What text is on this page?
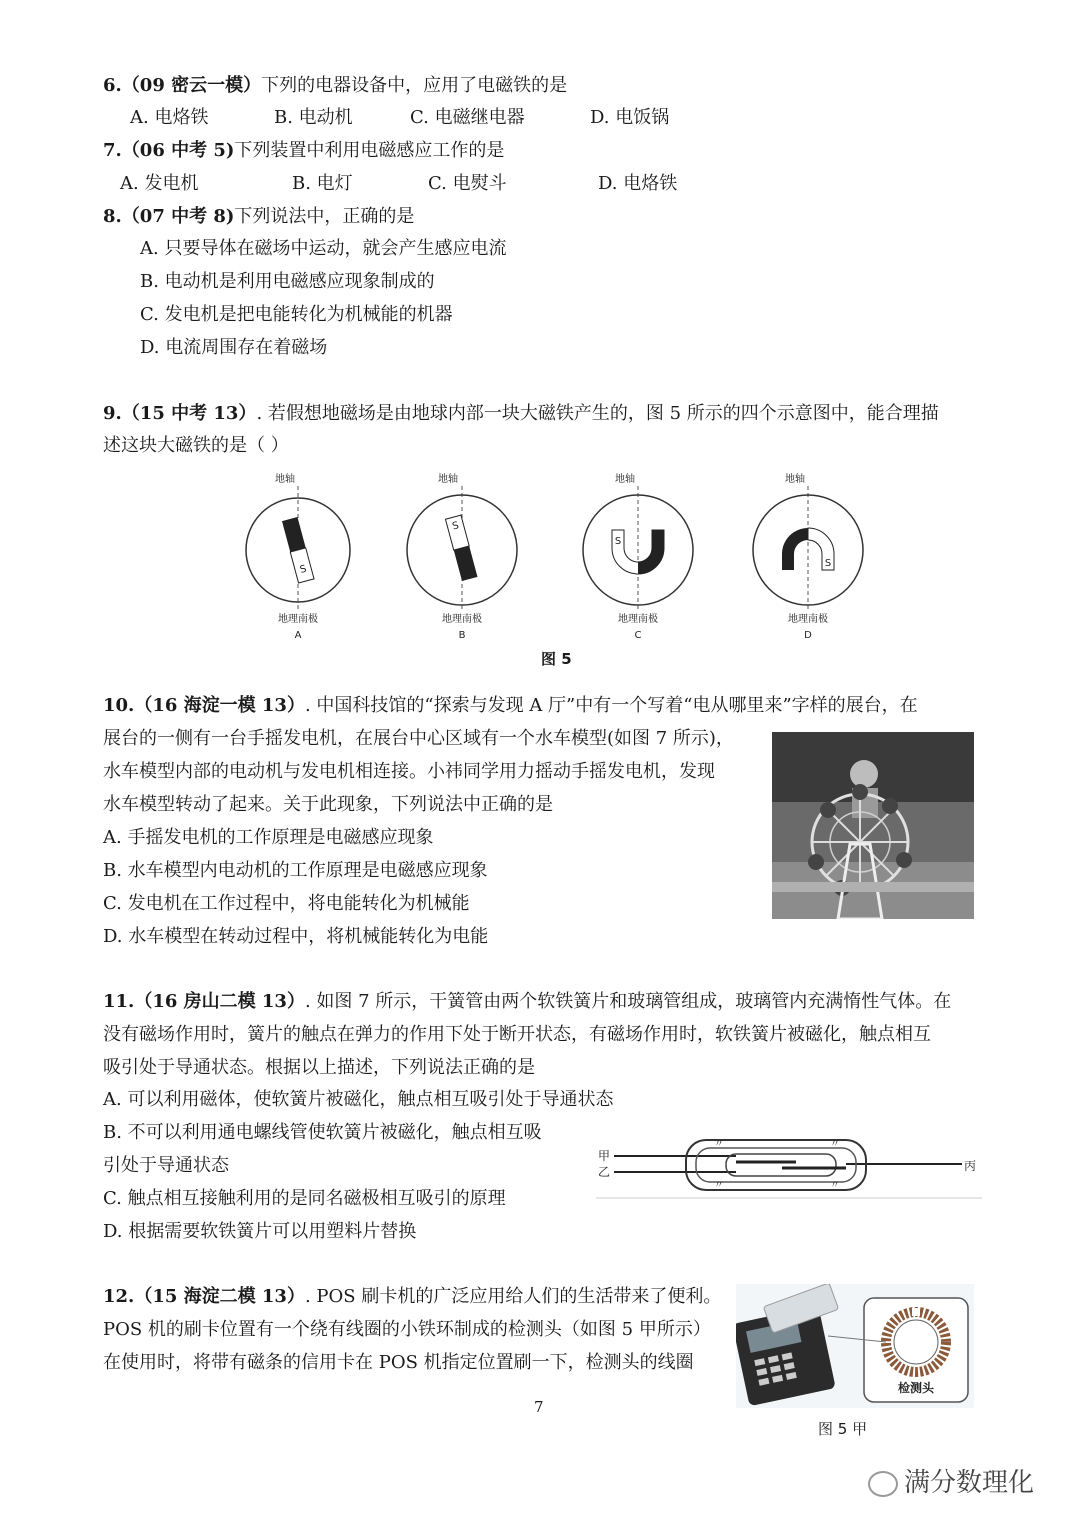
6.（09 密云一模）下列的电器设备中，应用了电磁铁的是
A. 电烙铁	B. 电动机	C. 电磁继电器	D. 电饭锅
7.（06 中考 5)下列装置中利用电磁感应工作的是
A. 发电机	B. 电灯	C. 电熨斗	D. 电烙铁
8.（07 中考 8)下列说法中，正确的是
A. 只要导体在磁场中运动，就会产生感应电流
B. 电动机是利用电磁感应现象制成的
C. 发电机是把电能转化为机械能的机器
D. 电流周围存在着磁场
9.（15 中考 13）. 若假想地磁场是由地球内部一块大磁铁产生的，图 5 所示的四个示意图中，能合理描
述这块大磁铁的是（ ）
地轴
S
地理南极
A
地轴
S
地理南极
B
地轴
S
地理南极
C
地轴
S
地理南极
D
图 5
10.（16 海淀一模 13）. 中国科技馆的“探索与发现 A 厅”中有一个写着“电从哪里来”字样的展台，在
展台的一侧有一台手摇发电机，在展台中心区域有一个水车模型(如图 7 所示)，
水车模型内部的电动机与发电机相连接。小祎同学用力摇动手摇发电机，发现
水车模型转动了起来。关于此现象，下列说法中正确的是
A. 手摇发电机的工作原理是电磁感应现象
B. 水车模型内电动机的工作原理是电磁感应现象
C. 发电机在工作过程中，将电能转化为机械能
D. 水车模型在转动过程中，将机械能转化为电能
11.（16 房山二模 13）. 如图 7 所示，干簧管由两个软铁簧片和玻璃管组成，玻璃管内充满惰性气体。在
没有磁场作用时，簧片的触点在弹力的作用下处于断开状态，有磁场作用时，软铁簧片被磁化，触点相互
吸引处于导通状态。根据以上描述，下列说法正确的是
A. 可以利用磁体，使软簧片被磁化，触点相互吸引处于导通状态
B. 不可以利用通电螺线管使软簧片被磁化，触点相互吸
引处于导通状态
C. 触点相互接触利用的是同名磁极相互吸引的原理
D. 根据需要软铁簧片可以用塑料片替换
甲
乙	丙
〃	〃
〃	〃
12.（15 海淀二模 13）. POS 刷卡机的广泛应用给人们的生活带来了便利。
POS 机的刷卡位置有一个绕有线圈的小铁环制成的检测头（如图 5 甲所示）
在使用时，将带有磁条的信用卡在 POS 机指定位置刷一下，检测头的线圈
检测头
图 5 甲
7
满分数理化
